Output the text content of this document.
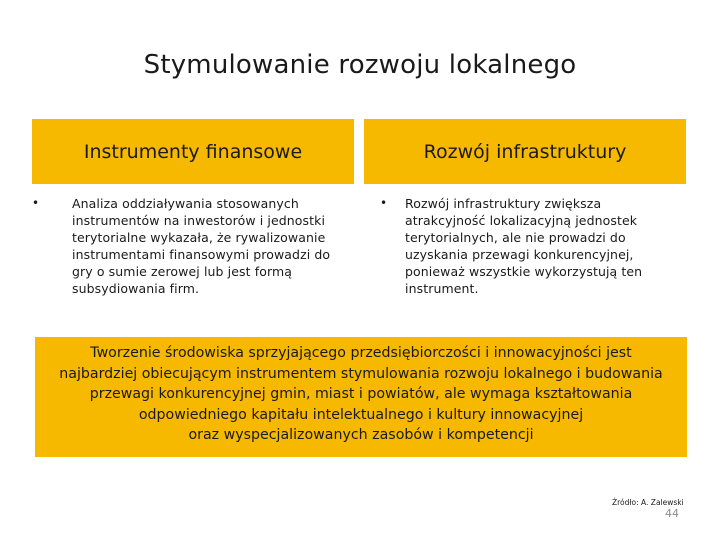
Stymulowanie rozwoju lokalnego
Instrumenty finansowe	Rozwój infrastruktury
•	Analiza oddziaływania stosowanych instrumentów na inwestorów i jednostki terytorialne wykazała, że rywalizowanie instrumentami finansowymi prowadzi do gry o sumie zerowej lub jest formą subsydiowania firm.
• Rozwój infrastruktury zwiększa atrakcyjność lokalizacyjną jednostek terytorialnych, ale nie prowadzi do uzyskania przewagi konkurencyjnej, ponieważ wszystkie wykorzystują ten instrument.
Tworzenie środowiska sprzyjającego przedsiębiorczości i innowacyjności jest
najbardziej obiecującym instrumentem stymulowania rozwoju lokalnego i budowania
przewagi konkurencyjnej gmin, miast i powiatów, ale wymaga kształtowania
odpowiedniego kapitału intelektualnego i kultury innowacyjnej
oraz wyspecjalizowanych zasobów i kompetencji
Źródło: A. Zalewski
44
